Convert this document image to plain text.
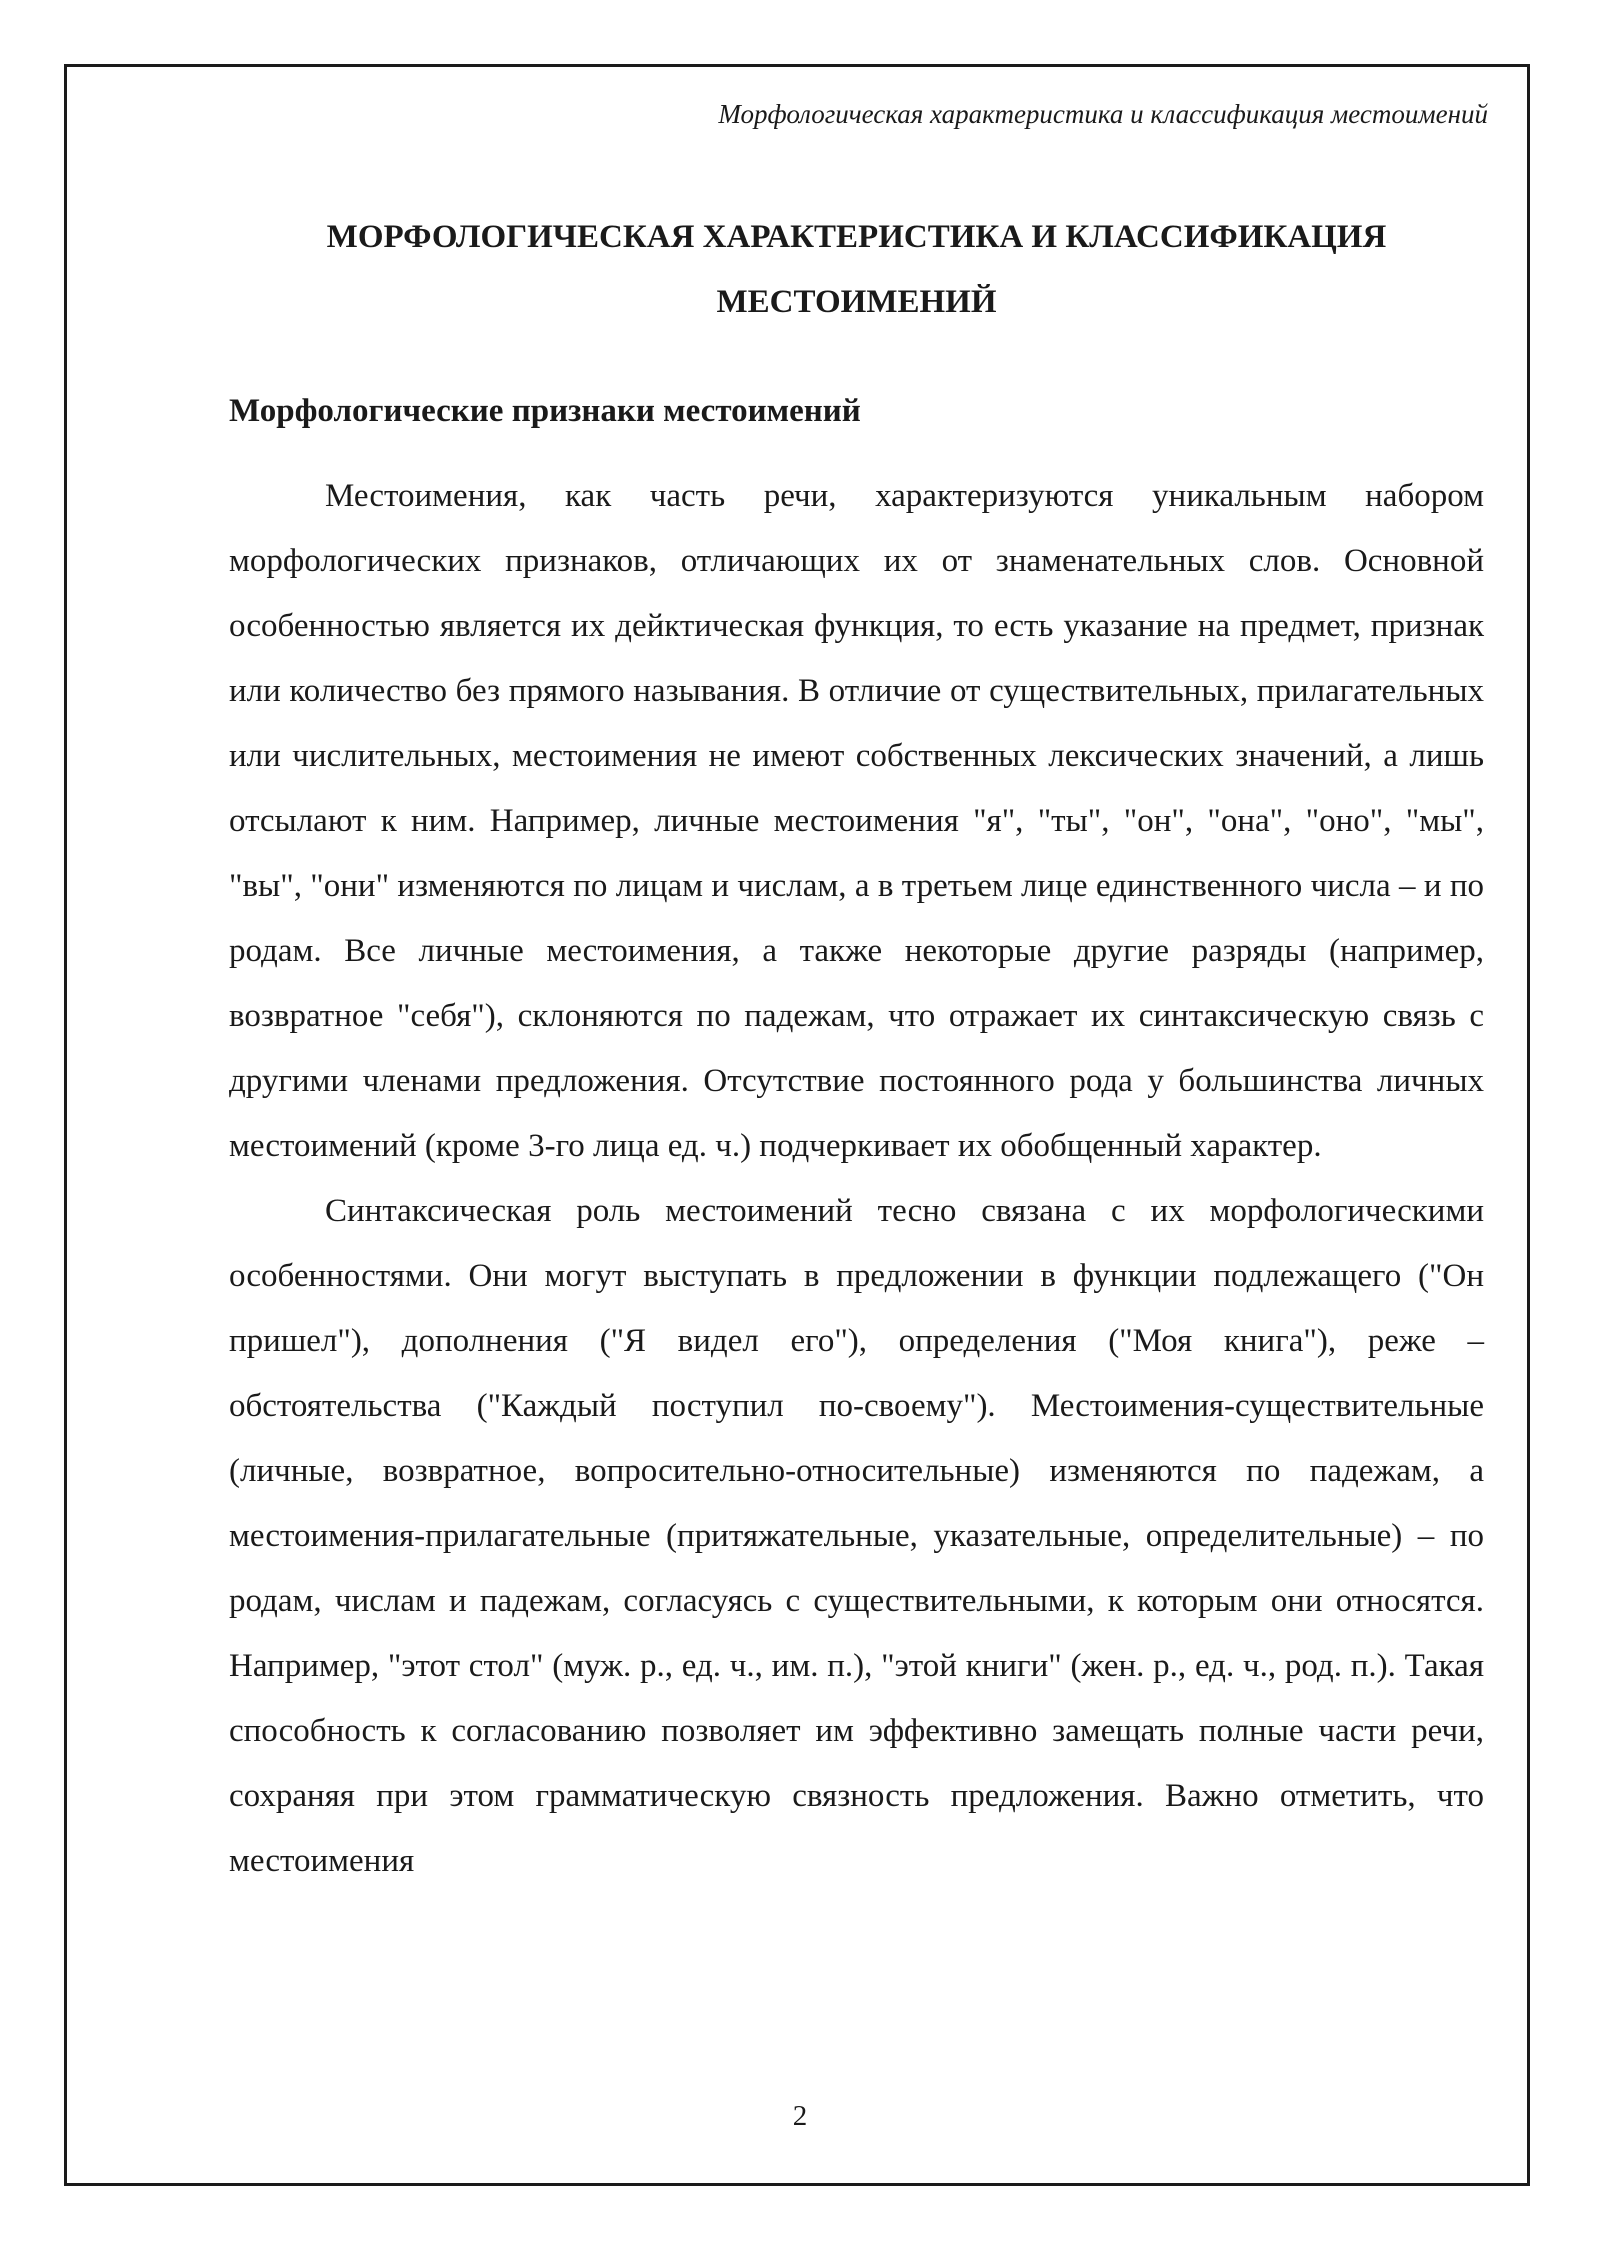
Морфологическая характеристика и классификация местоимений
МОРФОЛОГИЧЕСКАЯ ХАРАКТЕРИСТИКА И КЛАССИФИКАЦИЯ
МЕСТОИМЕНИЙ
Морфологические признаки местоимений

Местоимения, как часть речи, характеризуются уникальным набором морфологических признаков, отличающих их от знаменательных слов. Основной особенностью является их дейктическая функция, то есть указание на предмет, признак или количество без прямого называния. В отличие от существительных, прилагательных или числительных, местоимения не имеют собственных лексических значений, а лишь отсылают к ним. Например, личные местоимения "я", "ты", "он", "она", "оно", "мы", "вы", "они" изменяются по лицам и числам, а в третьем лице единственного числа – и по родам. Все личные местоимения, а также некоторые другие разряды (например, возвратное "себя"), склоняются по падежам, что отражает их синтаксическую связь с другими членами предложения. Отсутствие постоянного рода у большинства личных местоимений (кроме 3-го лица ед. ч.) подчеркивает их обобщенный характер.

Синтаксическая роль местоимений тесно связана с их морфологическими особенностями. Они могут выступать в предложении в функции подлежащего ("Он пришел"), дополнения ("Я видел его"), определения ("Моя книга"), реже – обстоятельства ("Каждый поступил по-своему"). Местоимения-существительные (личные, возвратное, вопросительно-относительные) изменяются по падежам, а местоимения-прилагательные (притяжательные, указательные, определительные) – по родам, числам и падежам, согласуясь с существительными, к которым они относятся. Например, "этот стол" (муж. р., ед. ч., им. п.), "этой книги" (жен. р., ед. ч., род. п.). Такая способность к согласованию позволяет им эффективно замещать полные части речи, сохраняя при этом грамматическую связность предложения. Важно отметить, что местоимения

2
